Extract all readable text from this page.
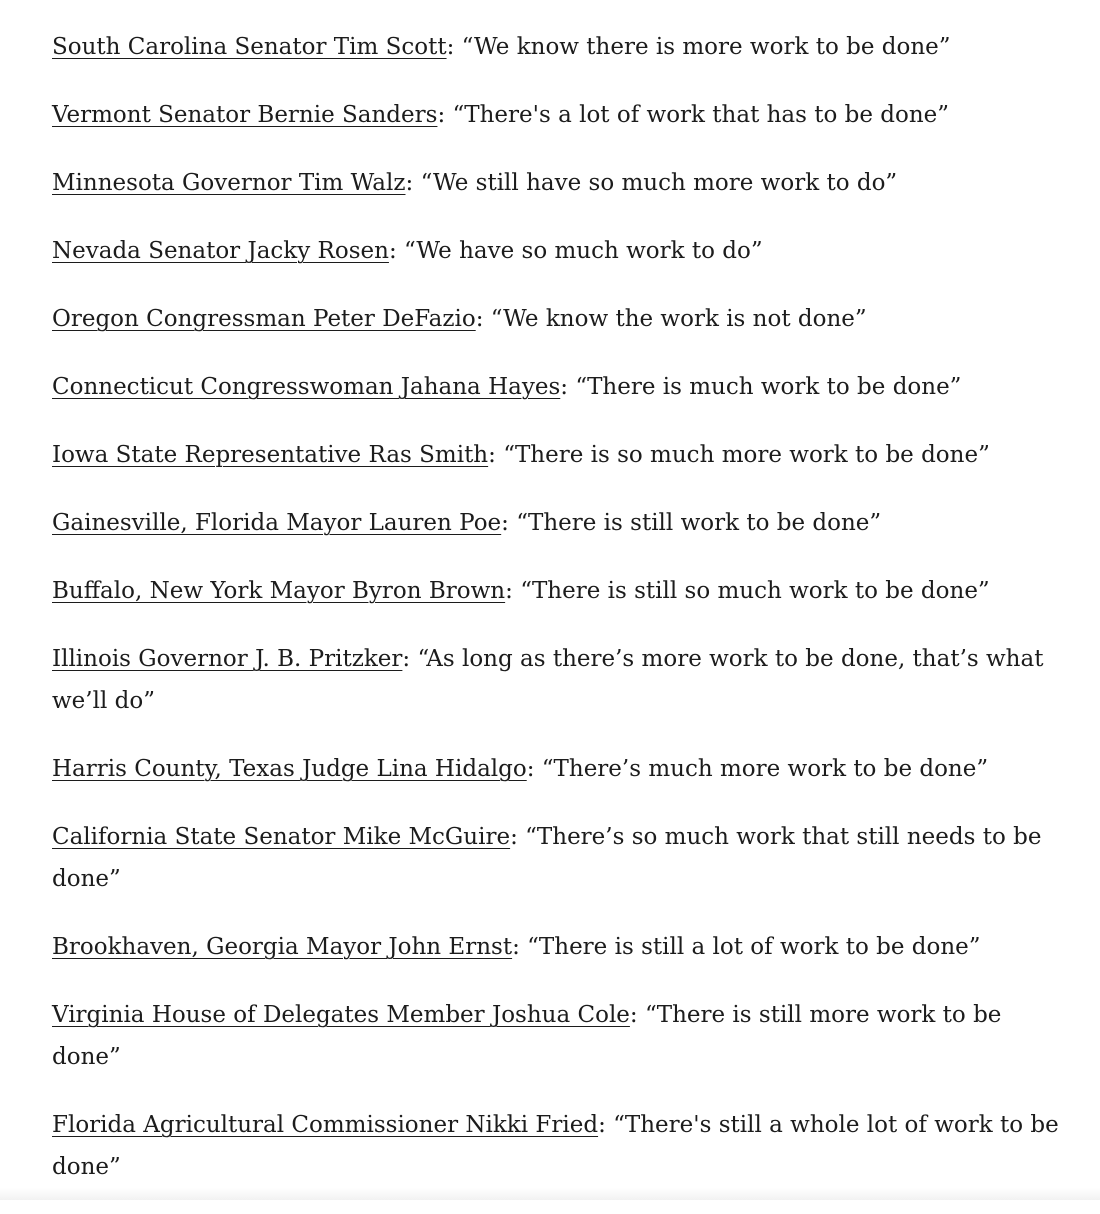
South Carolina Senator Tim Scott: “We know there is more work to be done”

Vermont Senator Bernie Sanders: “There's a lot of work that has to be done”

Minnesota Governor Tim Walz: “We still have so much more work to do”

Nevada Senator Jacky Rosen: “We have so much work to do”

Oregon Congressman Peter DeFazio: “We know the work is not done”

Connecticut Congresswoman Jahana Hayes: “There is much work to be done”

Iowa State Representative Ras Smith: “There is so much more work to be done”

Gainesville, Florida Mayor Lauren Poe: “There is still work to be done”

Buffalo, New York Mayor Byron Brown: “There is still so much work to be done”

Illinois Governor J. B. Pritzker: “As long as there’s more work to be done, that’s what we’ll do”

Harris County, Texas Judge Lina Hidalgo: “There’s much more work to be done”

California State Senator Mike McGuire: “There’s so much work that still needs to be done”

Brookhaven, Georgia Mayor John Ernst: “There is still a lot of work to be done”

Virginia House of Delegates Member Joshua Cole: “There is still more work to be done”

Florida Agricultural Commissioner Nikki Fried: “There's still a whole lot of work to be done”
